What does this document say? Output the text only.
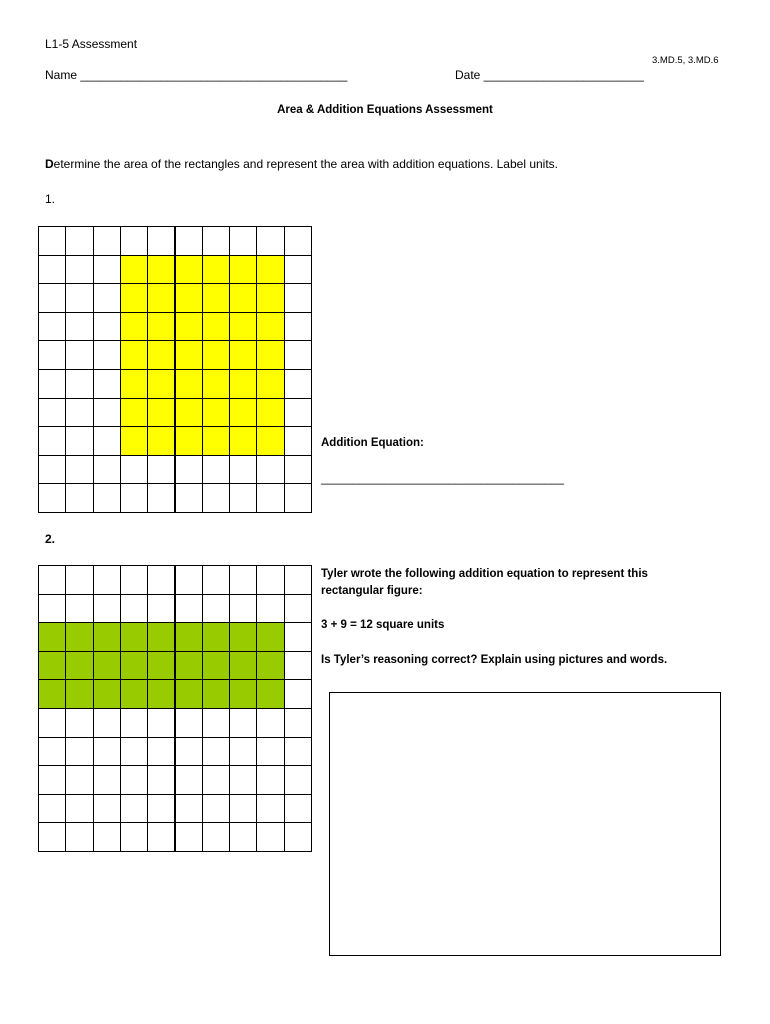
L1-5 Assessment
3.MD.5, 3.MD.6
Name ________________________________________	Date ________________________
Area & Addition Equations Assessment
Determine the area of the rectangles and represent the area with addition equations. Label units.
1.
Addition Equation:
______________________________________
2.
Tyler wrote the following addition equation to represent this
rectangular figure:
3 + 9 = 12 square units
Is Tyler’s reasoning correct? Explain using pictures and words.
